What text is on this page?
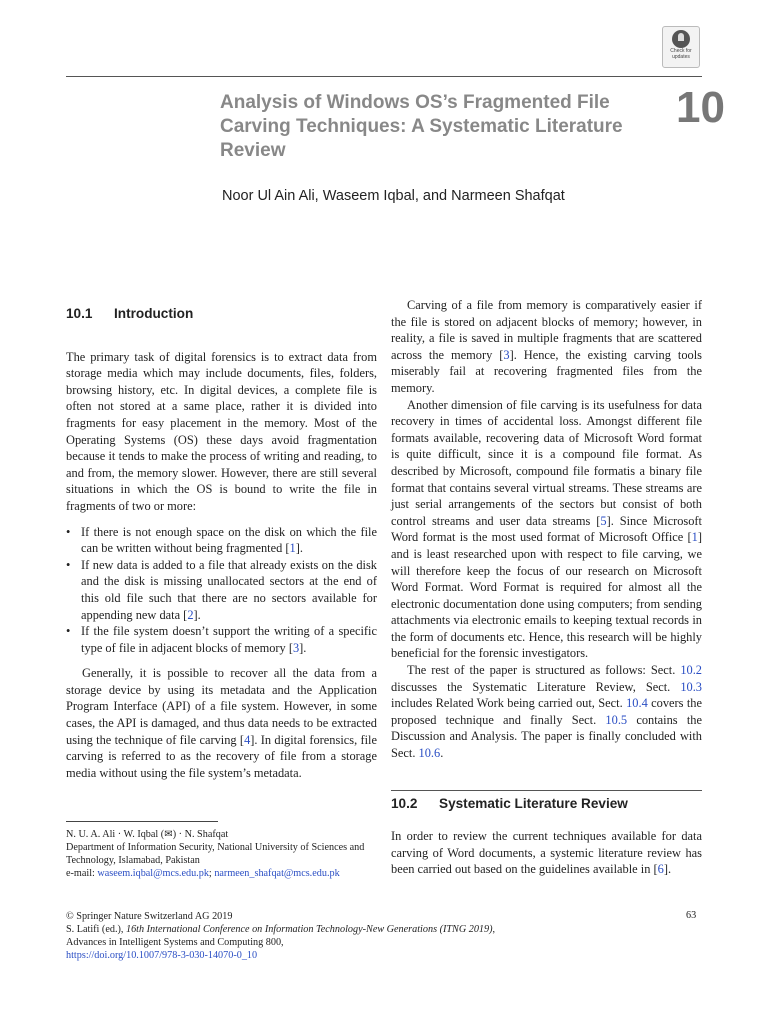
Check for
updates
10
Analysis of Windows OS’s Fragmented File Carving Techniques: A Systematic Literature Review
Noor Ul Ain Ali, Waseem Iqbal, and Narmeen Shafqat
10.1	Introduction

The primary task of digital forensics is to extract data from storage media which may include documents, files, folders, browsing history, etc. In digital devices, a complete file is often not stored at a same place, rather it is divided into fragments for easy placement in the memory. Most of the Operating Systems (OS) these days avoid fragmentation because it tends to make the process of writing and reading, to and from, the memory slower. However, there are still several situations in which the OS is bound to write the file in fragments of two or more:

• If there is not enough space on the disk on which the file can be written without being fragmented [1].
• If new data is added to a file that already exists on the disk and the disk is missing unallocated sectors at the end of this old file such that there are no sectors available for appending new data [2].
• If the file system doesn’t support the writing of a specific type of file in adjacent blocks of memory [3].

Generally, it is possible to recover all the data from a storage device by using its metadata and the Application Program Interface (API) of a file system. However, in some cases, the API is damaged, and thus data needs to be extracted using the technique of file carving [4]. In digital forensics, file carving is referred to as the recovery of file from a storage media without using the file system’s metadata.

Carving of a file from memory is comparatively easier if the file is stored on adjacent blocks of memory; however, in reality, a file is saved in multiple fragments that are scattered across the memory [3]. Hence, the existing carving tools miserably fail at recovering fragmented files from the memory.

Another dimension of file carving is its usefulness for data recovery in times of accidental loss. Amongst different file formats available, recovering data of Microsoft Word format is quite difficult, since it is a compound file format. As described by Microsoft, compound file formatis a binary file format that contains several virtual streams. These streams are just serial arrangements of the sectors but consist of both control streams and user data streams [5]. Since Microsoft Word format is the most used format of Microsoft Office [1] and is least researched upon with respect to file carving, we will therefore keep the focus of our research on Microsoft Word Format. Word Format is required for almost all the electronic documentation done using computers; from sending attachments via electronic emails to keeping textual records in the form of documents etc. Hence, this research will be highly beneficial for the forensic investigators.

The rest of the paper is structured as follows: Sect. 10.2 discusses the Systematic Literature Review, Sect. 10.3 includes Related Work being carried out, Sect. 10.4 covers the proposed technique and finally Sect. 10.5 contains the Discussion and Analysis. The paper is finally concluded with Sect. 10.6.

10.2	Systematic Literature Review

In order to review the current techniques available for data carving of Word documents, a systemic literature review has been carried out based on the guidelines available in [6].

N. U. A. Ali · W. Iqbal (✉) · N. Shafqat
Department of Information Security, National University of Sciences and Technology, Islamabad, Pakistan
e-mail: waseem.iqbal@mcs.edu.pk; narmeen_shafqat@mcs.edu.pk
© Springer Nature Switzerland AG 2019
S. Latifi (ed.), 16th International Conference on Information Technology-New Generations (ITNG 2019),
Advances in Intelligent Systems and Computing 800,
https://doi.org/10.1007/978-3-030-14070-0_10
63
